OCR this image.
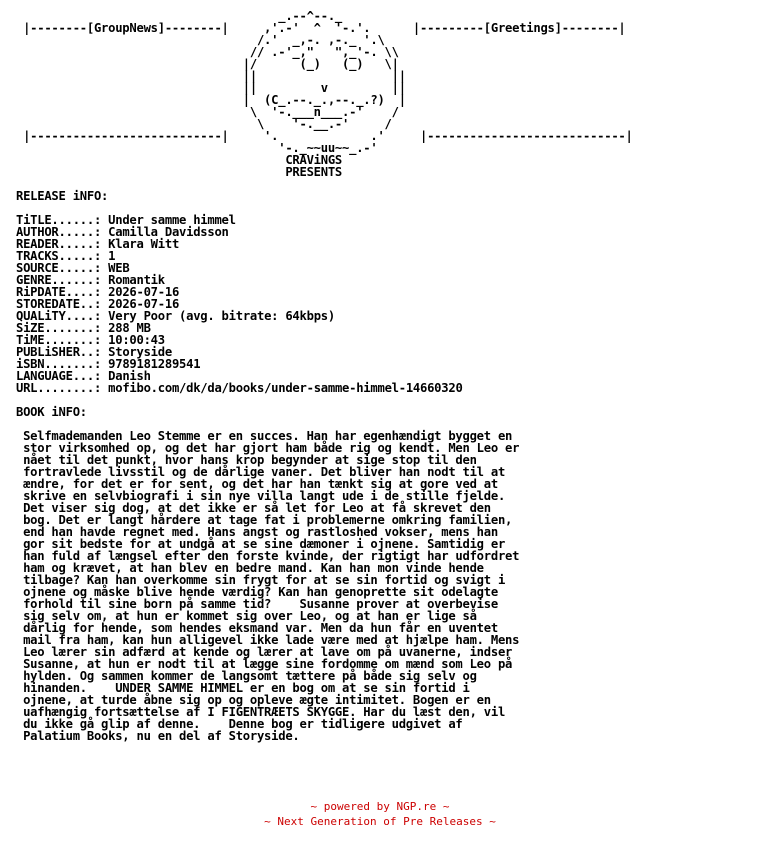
_.--^--._
|--------[GroupNews]--------|     ,'.-'  ^  '-.'.      |---------[Greetings]--------|
/.'  _,-. ,-._ '.\
// .-'_,"   ",_'-. \\
|/      (_)   (_)   \|
||                   ||
||         v         ||
|  (C_.--._.,--._.?)  |
\  '-.___n___.-'    /
\    '-.__.-'     /
|---------------------------|     '.             .'     |----------------------------|
'-._~~uu~~_.-'
CRAViNGS
PRESENTS
RELEASE iNFO:
TiTLE......: Under samme himmel
AUTHOR.....: Camilla Davidsson
READER.....: Klara Witt
TRACKS.....: 1
SOURCE.....: WEB
GENRE......: Romantik
RiPDATE....: 2026-07-16
STOREDATE..: 2026-07-16
QUALiTY....: Very Poor (avg. bitrate: 64kbps)
SiZE.......: 288 MB
TiME.......: 10:00:43
PUBLiSHER..: Storyside
iSBN.......: 9789181289541
LANGUAGE...: Danish
URL........: mofibo.com/dk/da/books/under-samme-himmel-14660320
BOOK iNFO:
Selfmademanden Leo Stemme er en succes. Han har egenhændigt bygget en
stor virksomhed op, og det har gjort ham både rig og kendt. Men Leo er
nået til det punkt, hvor hans krop begynder at sige stop til den
fortravlede livsstil og de dårlige vaner. Det bliver han nodt til at
ændre, for det er for sent, og det har han tænkt sig at gore ved at
skrive en selvbiografi i sin nye villa langt ude i de stille fjelde.
Det viser sig dog, at det ikke er så let for Leo at få skrevet den
bog. Det er langt hårdere at tage fat i problemerne omkring familien,
end han havde regnet med. Hans angst og rastloshed vokser, mens han
gor sit bedste for at undgå at se sine dæmoner i ojnene. Samtidig er
han fuld af længsel efter den forste kvinde, der rigtigt har udfordret
ham og krævet, at han blev en bedre mand. Kan han mon vinde hende
tilbage? Kan han overkomme sin frygt for at se sin fortid og svigt i
ojnene og måske blive hende værdig? Kan han genoprette sit odelagte
forhold til sine born på samme tid?    Susanne prover at overbevise
sig selv om, at hun er kommet sig over Leo, og at han er lige så
dårlig for hende, som hendes eksmand var. Men da hun får en uventet
mail fra ham, kan hun alligevel ikke lade være med at hjælpe ham. Mens
Leo lærer sin adfærd at kende og lærer at lave om på uvanerne, indser
Susanne, at hun er nodt til at lægge sine fordomme om mænd som Leo på
hylden. Og sammen kommer de langsomt tættere på både sig selv og
hinanden.    UNDER SAMME HIMMEL er en bog om at se sin fortid i
ojnene, at turde åbne sig op og opleve ægte intimitet. Bogen er en
uafhængig fortsættelse af I FIGENTRÆETS SKYGGE. Har du læst den, vil
du ikke gå glip af denne.    Denne bog er tidligere udgivet af
Palatium Books, nu en del af Storyside.
~ powered by NGP.re ~
~ Next Generation of Pre Releases ~
